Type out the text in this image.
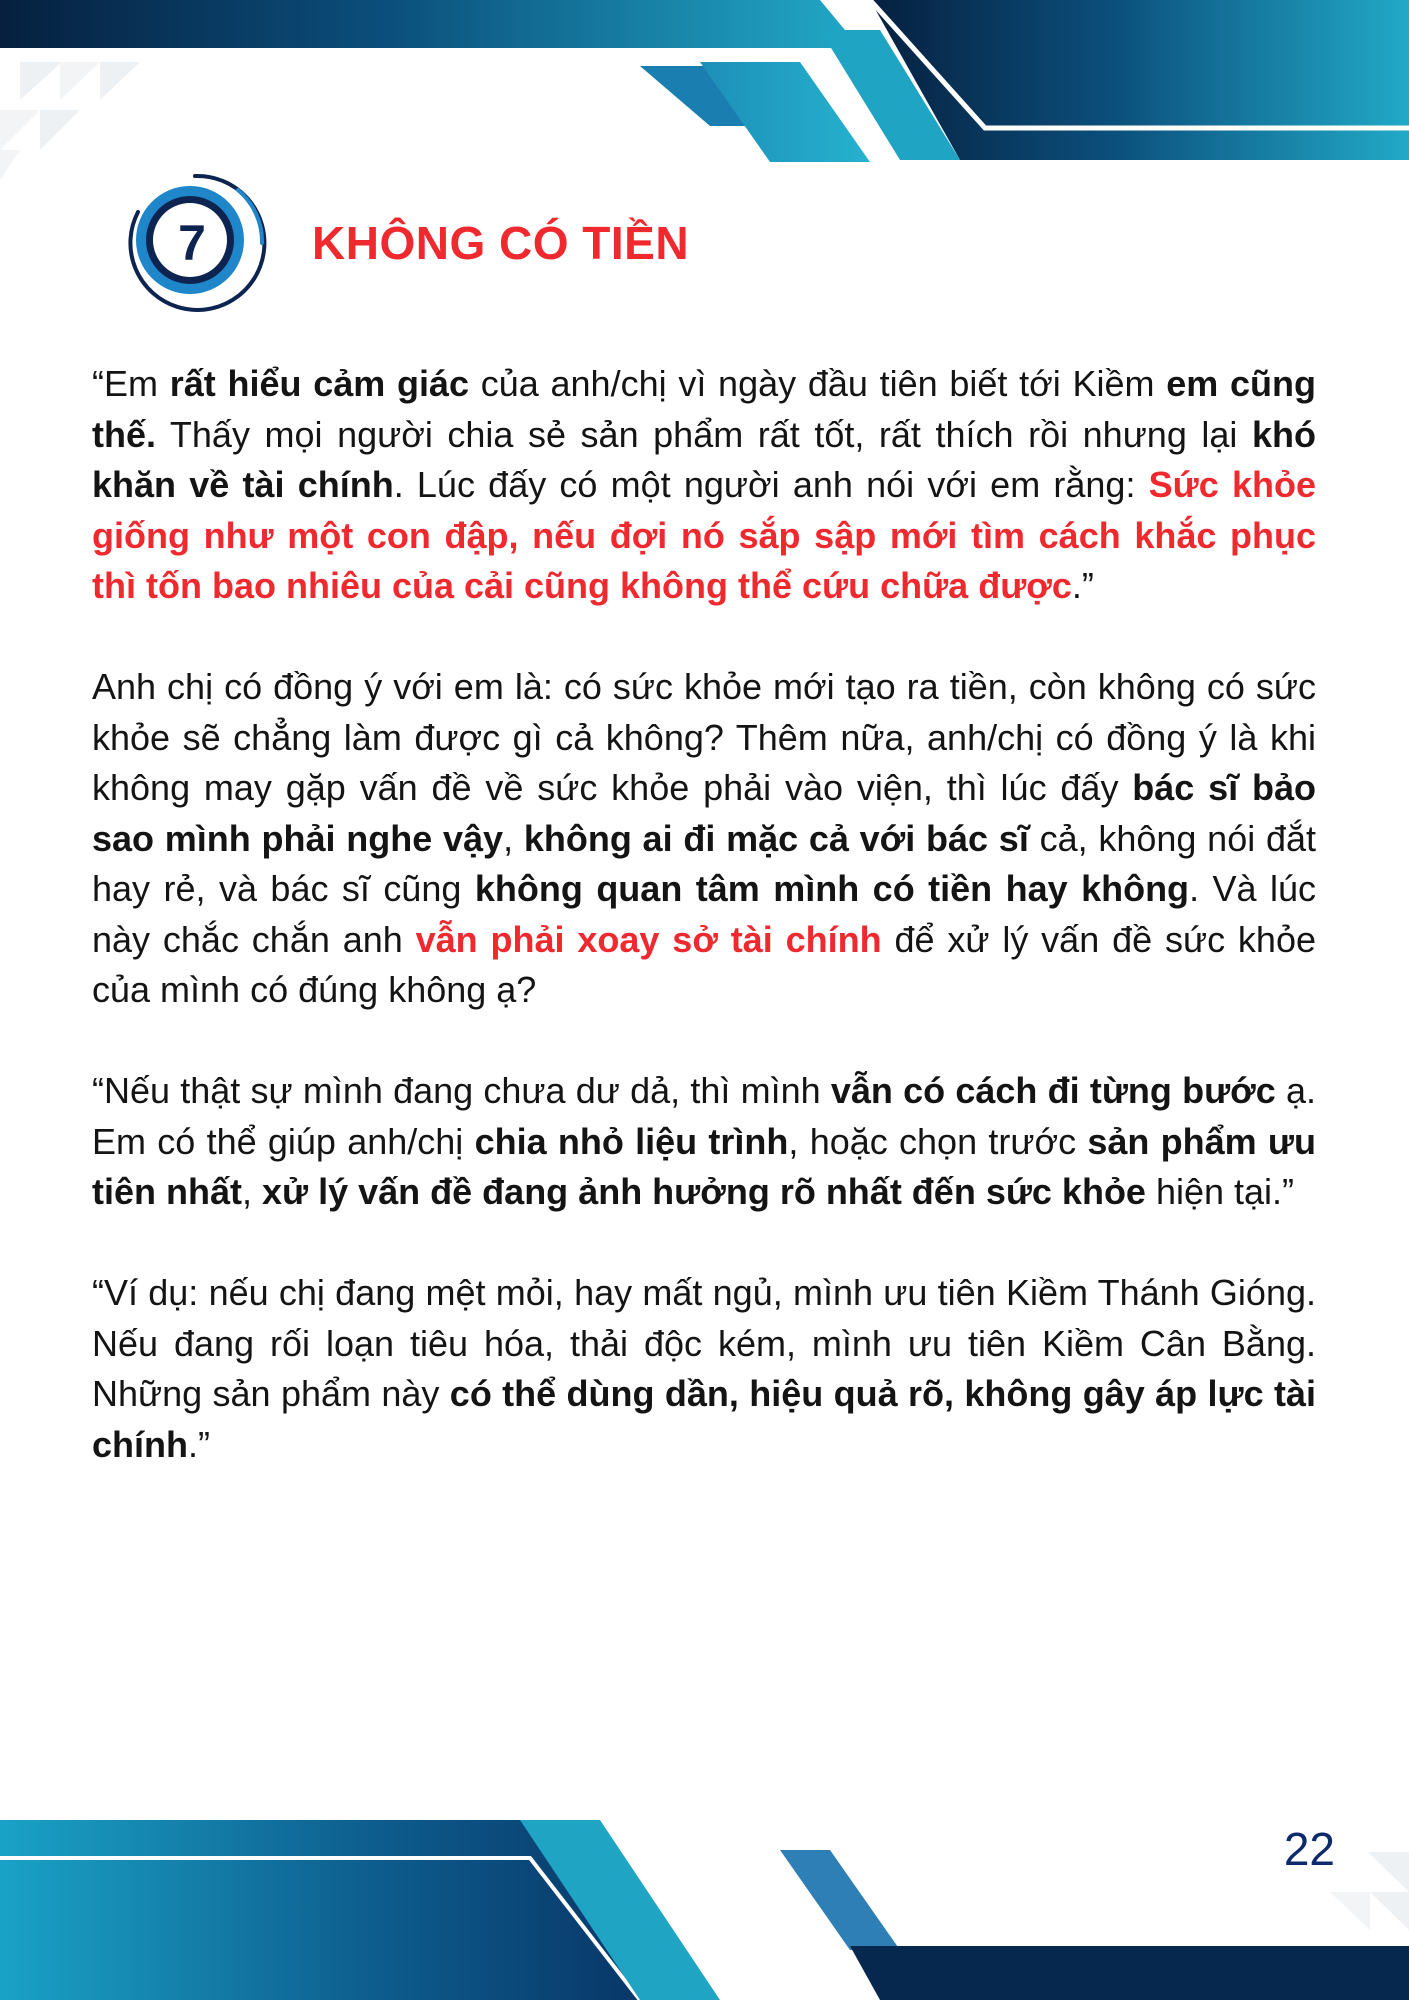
7	KHÔNG CÓ TIỀN

“Em rất hiểu cảm giác của anh/chị vì ngày đầu tiên biết tới Kiềm em cũng thế. Thấy mọi người chia sẻ sản phẩm rất tốt, rất thích rồi nhưng lại khó khăn về tài chính. Lúc đấy có một người anh nói với em rằng: Sức khỏe giống như một con đập, nếu đợi nó sắp sập mới tìm cách khắc phục thì tốn bao nhiêu của cải cũng không thể cứu chữa được.”

Anh chị có đồng ý với em là: có sức khỏe mới tạo ra tiền, còn không có sức khỏe sẽ chẳng làm được gì cả không? Thêm nữa, anh/chị có đồng ý là khi không may gặp vấn đề về sức khỏe phải vào viện, thì lúc đấy bác sĩ bảo sao mình phải nghe vậy, không ai đi mặc cả với bác sĩ cả, không nói đắt hay rẻ, và bác sĩ cũng không quan tâm mình có tiền hay không. Và lúc này chắc chắn anh vẫn phải xoay sở tài chính để xử lý vấn đề sức khỏe của mình có đúng không ạ?

“Nếu thật sự mình đang chưa dư dả, thì mình vẫn có cách đi từng bước ạ. Em có thể giúp anh/chị chia nhỏ liệu trình, hoặc chọn trước sản phẩm ưu tiên nhất, xử lý vấn đề đang ảnh hưởng rõ nhất đến sức khỏe hiện tại.”

“Ví dụ: nếu chị đang mệt mỏi, hay mất ngủ, mình ưu tiên Kiềm Thánh Gióng. Nếu đang rối loạn tiêu hóa, thải độc kém, mình ưu tiên Kiềm Cân Bằng. Những sản phẩm này có thể dùng dần, hiệu quả rõ, không gây áp lực tài chính.”

22
